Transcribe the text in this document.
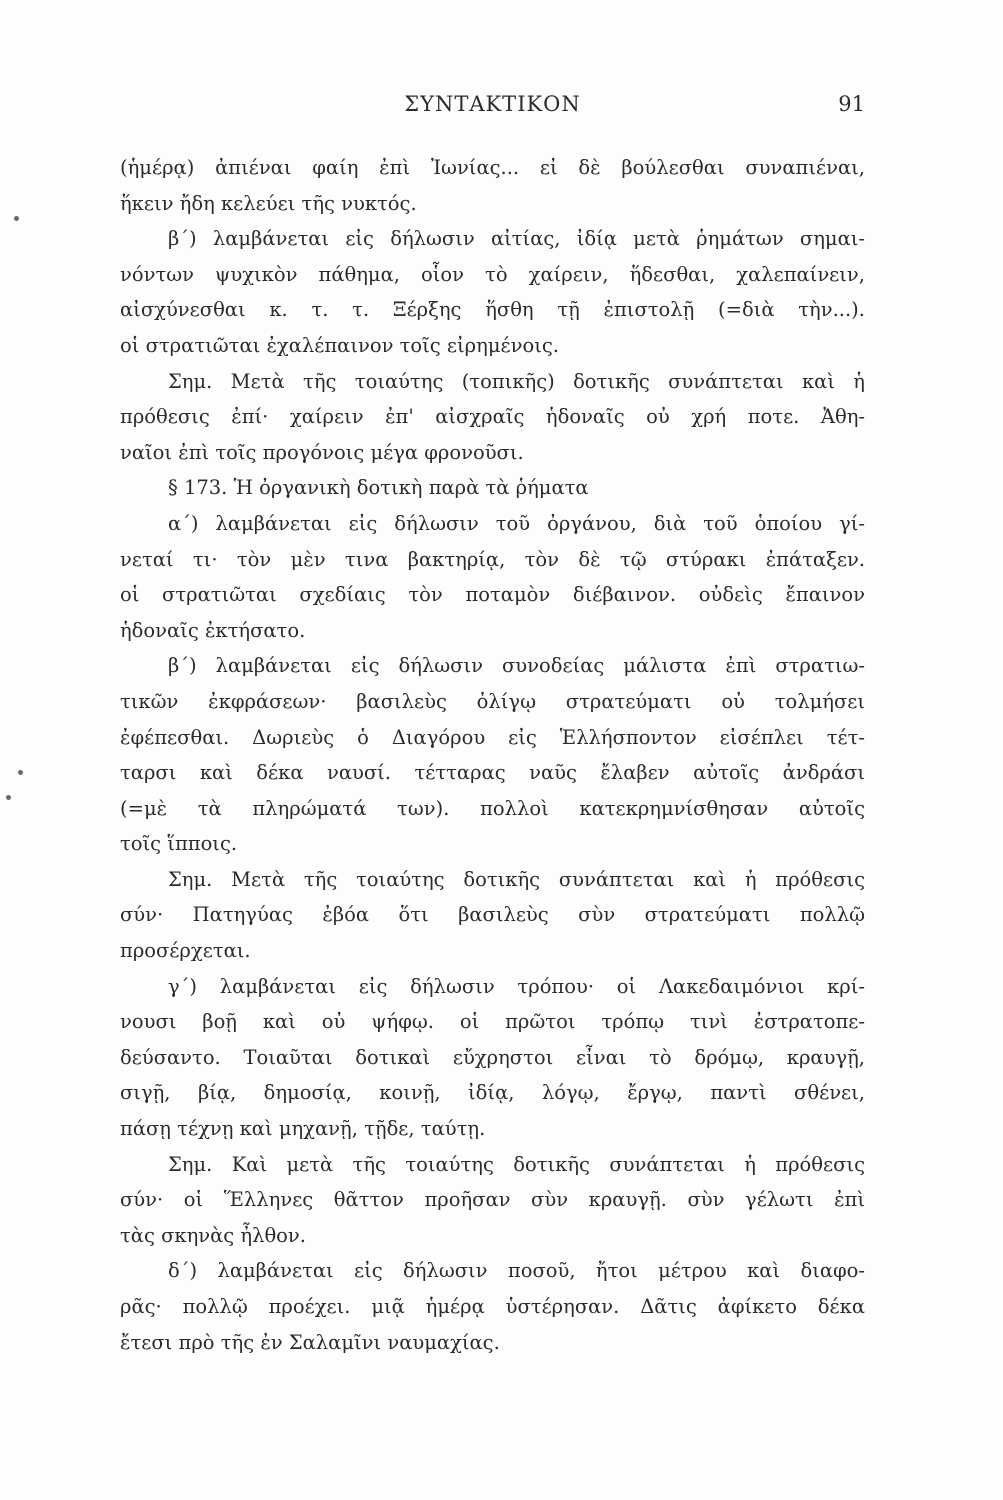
ΣΥΝΤΑΚΤΙΚΟΝ	91
(ἡμέρᾳ) ἀπιέναι φαίη ἐπὶ Ἰωνίας... εἰ δὲ βούλεσθαι συναπιέναι,
ἥκειν ἤδη κελεύει τῆς νυκτός.
β΄) λαμβάνεται εἰς δήλωσιν αἰτίας, ἰδίᾳ μετὰ ῥημάτων σημαι-
νόντων ψυχικὸν πάθημα, οἷον τὸ χαίρειν, ἥδεσθαι, χαλεπαίνειν,
αἰσχύνεσθαι κ. τ. τ. Ξέρξης ἥσθη τῇ ἐπιστολῇ (=διὰ τὴν...).
οἱ στρατιῶται ἐχαλέπαινον τοῖς εἰρημένοις.
Σημ. Μετὰ τῆς τοιαύτης (τοπικῆς) δοτικῆς συνάπτεται καὶ ἡ
πρόθεσις ἐπί· χαίρειν ἐπ' αἰσχραῖς ἡδοναῖς οὐ χρή ποτε. Ἀθη-
ναῖοι ἐπὶ τοῖς προγόνοις μέγα φρονοῦσι.
§ 173. Ἡ ὀργανικὴ δοτικὴ παρὰ τὰ ῥήματα
α΄) λαμβάνεται εἰς δήλωσιν τοῦ ὀργάνου, διὰ τοῦ ὁποίου γί-
νεταί τι· τὸν μὲν τινα βακτηρίᾳ, τὸν δὲ τῷ στύρακι ἐπάταξεν.
οἱ στρατιῶται σχεδίαις τὸν ποταμὸν διέβαινον. οὐδεὶς ἔπαινον
ἡδοναῖς ἐκτήσατο.
β΄) λαμβάνεται εἰς δήλωσιν συνοδείας μάλιστα ἐπὶ στρατιω-
τικῶν ἐκφράσεων· βασιλεὺς ὀλίγῳ στρατεύματι οὐ τολμήσει
ἐφέπεσθαι. Δωριεὺς ὁ Διαγόρου εἰς Ἑλλήσποντον εἰσέπλει τέτ-
ταρσι καὶ δέκα ναυσί. τέτταρας ναῦς ἔλαβεν αὐτοῖς ἀνδράσι
(=μὲ τὰ πληρώματά των). πολλοὶ κατεκρημνίσθησαν αὐτοῖς
τοῖς ἵπποις.
Σημ. Μετὰ τῆς τοιαύτης δοτικῆς συνάπτεται καὶ ἡ πρόθεσις
σύν· Πατηγύας ἐβόα ὅτι βασιλεὺς σὺν στρατεύματι πολλῷ
προσέρχεται.
γ΄) λαμβάνεται εἰς δήλωσιν τρόπου· οἱ Λακεδαιμόνιοι κρί-
νουσι βοῇ καὶ οὐ ψήφῳ. οἱ πρῶτοι τρόπῳ τινὶ ἐστρατοπε-
δεύσαντο. Τοιαῦται δοτικαὶ εὔχρηστοι εἶναι τὸ δρόμῳ, κραυγῇ,
σιγῇ, βίᾳ, δημοσίᾳ, κοινῇ, ἰδίᾳ, λόγῳ, ἔργῳ, παντὶ σθένει,
πάσῃ τέχνῃ καὶ μηχανῇ, τῇδε, ταύτῃ.
Σημ. Καὶ μετὰ τῆς τοιαύτης δοτικῆς συνάπτεται ἡ πρόθεσις
σύν· οἱ Ἕλληνες θᾶττον προῆσαν σὺν κραυγῇ. σὺν γέλωτι ἐπὶ
τὰς σκηνὰς ἦλθον.
δ΄) λαμβάνεται εἰς δήλωσιν ποσοῦ, ἤτοι μέτρου καὶ διαφο-
ρᾶς· πολλῷ προέχει. μιᾷ ἡμέρᾳ ὑστέρησαν. Δᾶτις ἀφίκετο δέκα
ἔτεσι πρὸ τῆς ἐν Σαλαμῖνι ναυμαχίας.
